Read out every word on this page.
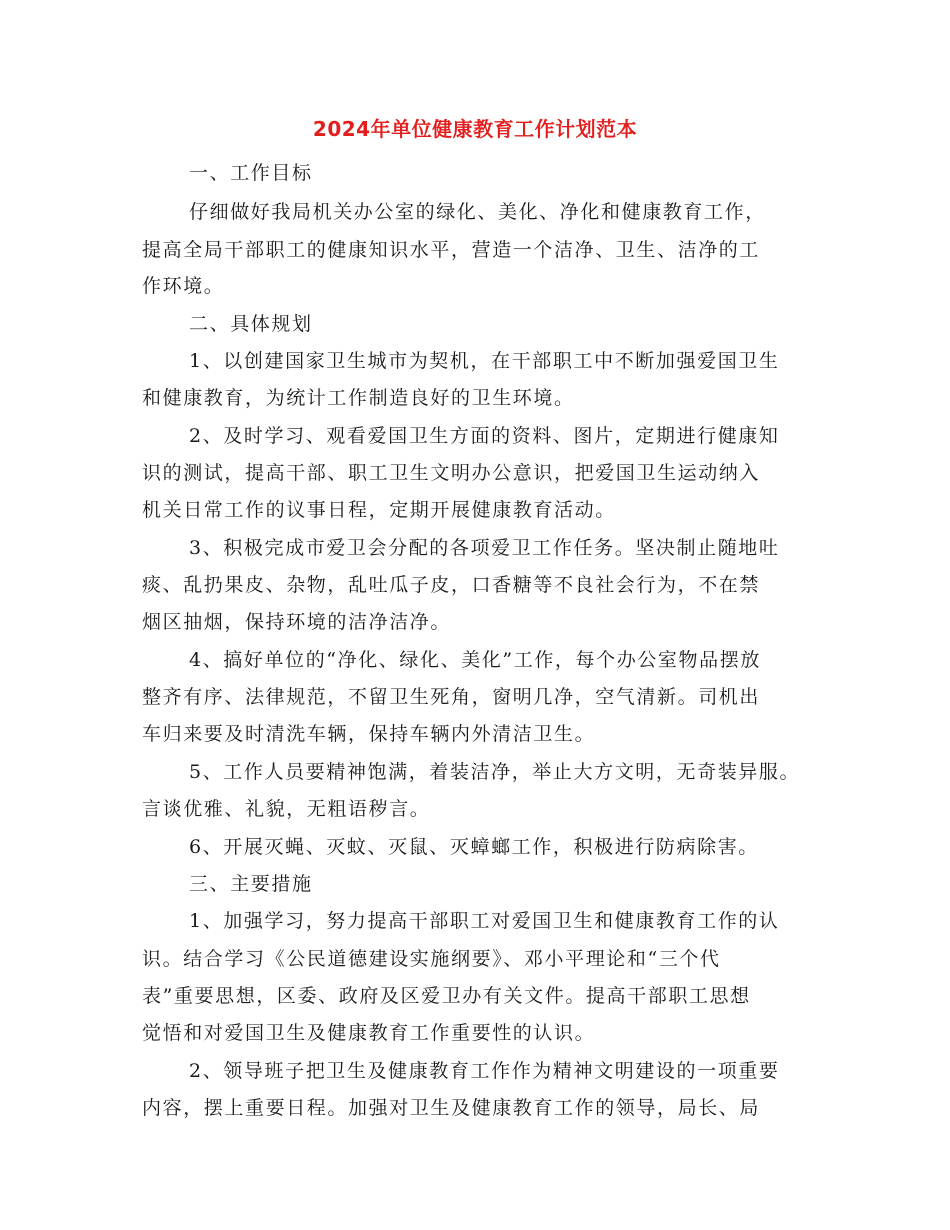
2024年单位健康教育工作计划范本
一、工作目标
仔细做好我局机关办公室的绿化、美化、净化和健康教育工作，
提高全局干部职工的健康知识水平，营造一个洁净、卫生、洁净的工
作环境。
二、具体规划
1、以创建国家卫生城市为契机，在干部职工中不断加强爱国卫生
和健康教育，为统计工作制造良好的卫生环境。
2、及时学习、观看爱国卫生方面的资料、图片，定期进行健康知
识的测试，提高干部、职工卫生文明办公意识，把爱国卫生运动纳入
机关日常工作的议事日程，定期开展健康教育活动。
3、积极完成市爱卫会分配的各项爱卫工作任务。坚决制止随地吐
痰、乱扔果皮、杂物，乱吐瓜子皮，口香糖等不良社会行为，不在禁
烟区抽烟，保持环境的洁净洁净。
4、搞好单位的“净化、绿化、美化”工作，每个办公室物品摆放
整齐有序、法律规范，不留卫生死角，窗明几净，空气清新。司机出
车归来要及时清洗车辆，保持车辆内外清洁卫生。
5、工作人员要精神饱满，着装洁净，举止大方文明，无奇装异服。
言谈优雅、礼貌，无粗语秽言。
6、开展灭蝇、灭蚊、灭鼠、灭蟑螂工作，积极进行防病除害。
三、主要措施
1、加强学习，努力提高干部职工对爱国卫生和健康教育工作的认
识。结合学习《公民道德建设实施纲要》、邓小平理论和“三个代
表”重要思想，区委、政府及区爱卫办有关文件。提高干部职工思想
觉悟和对爱国卫生及健康教育工作重要性的认识。
2、领导班子把卫生及健康教育工作作为精神文明建设的一项重要
内容，摆上重要日程。加强对卫生及健康教育工作的领导，局长、局
